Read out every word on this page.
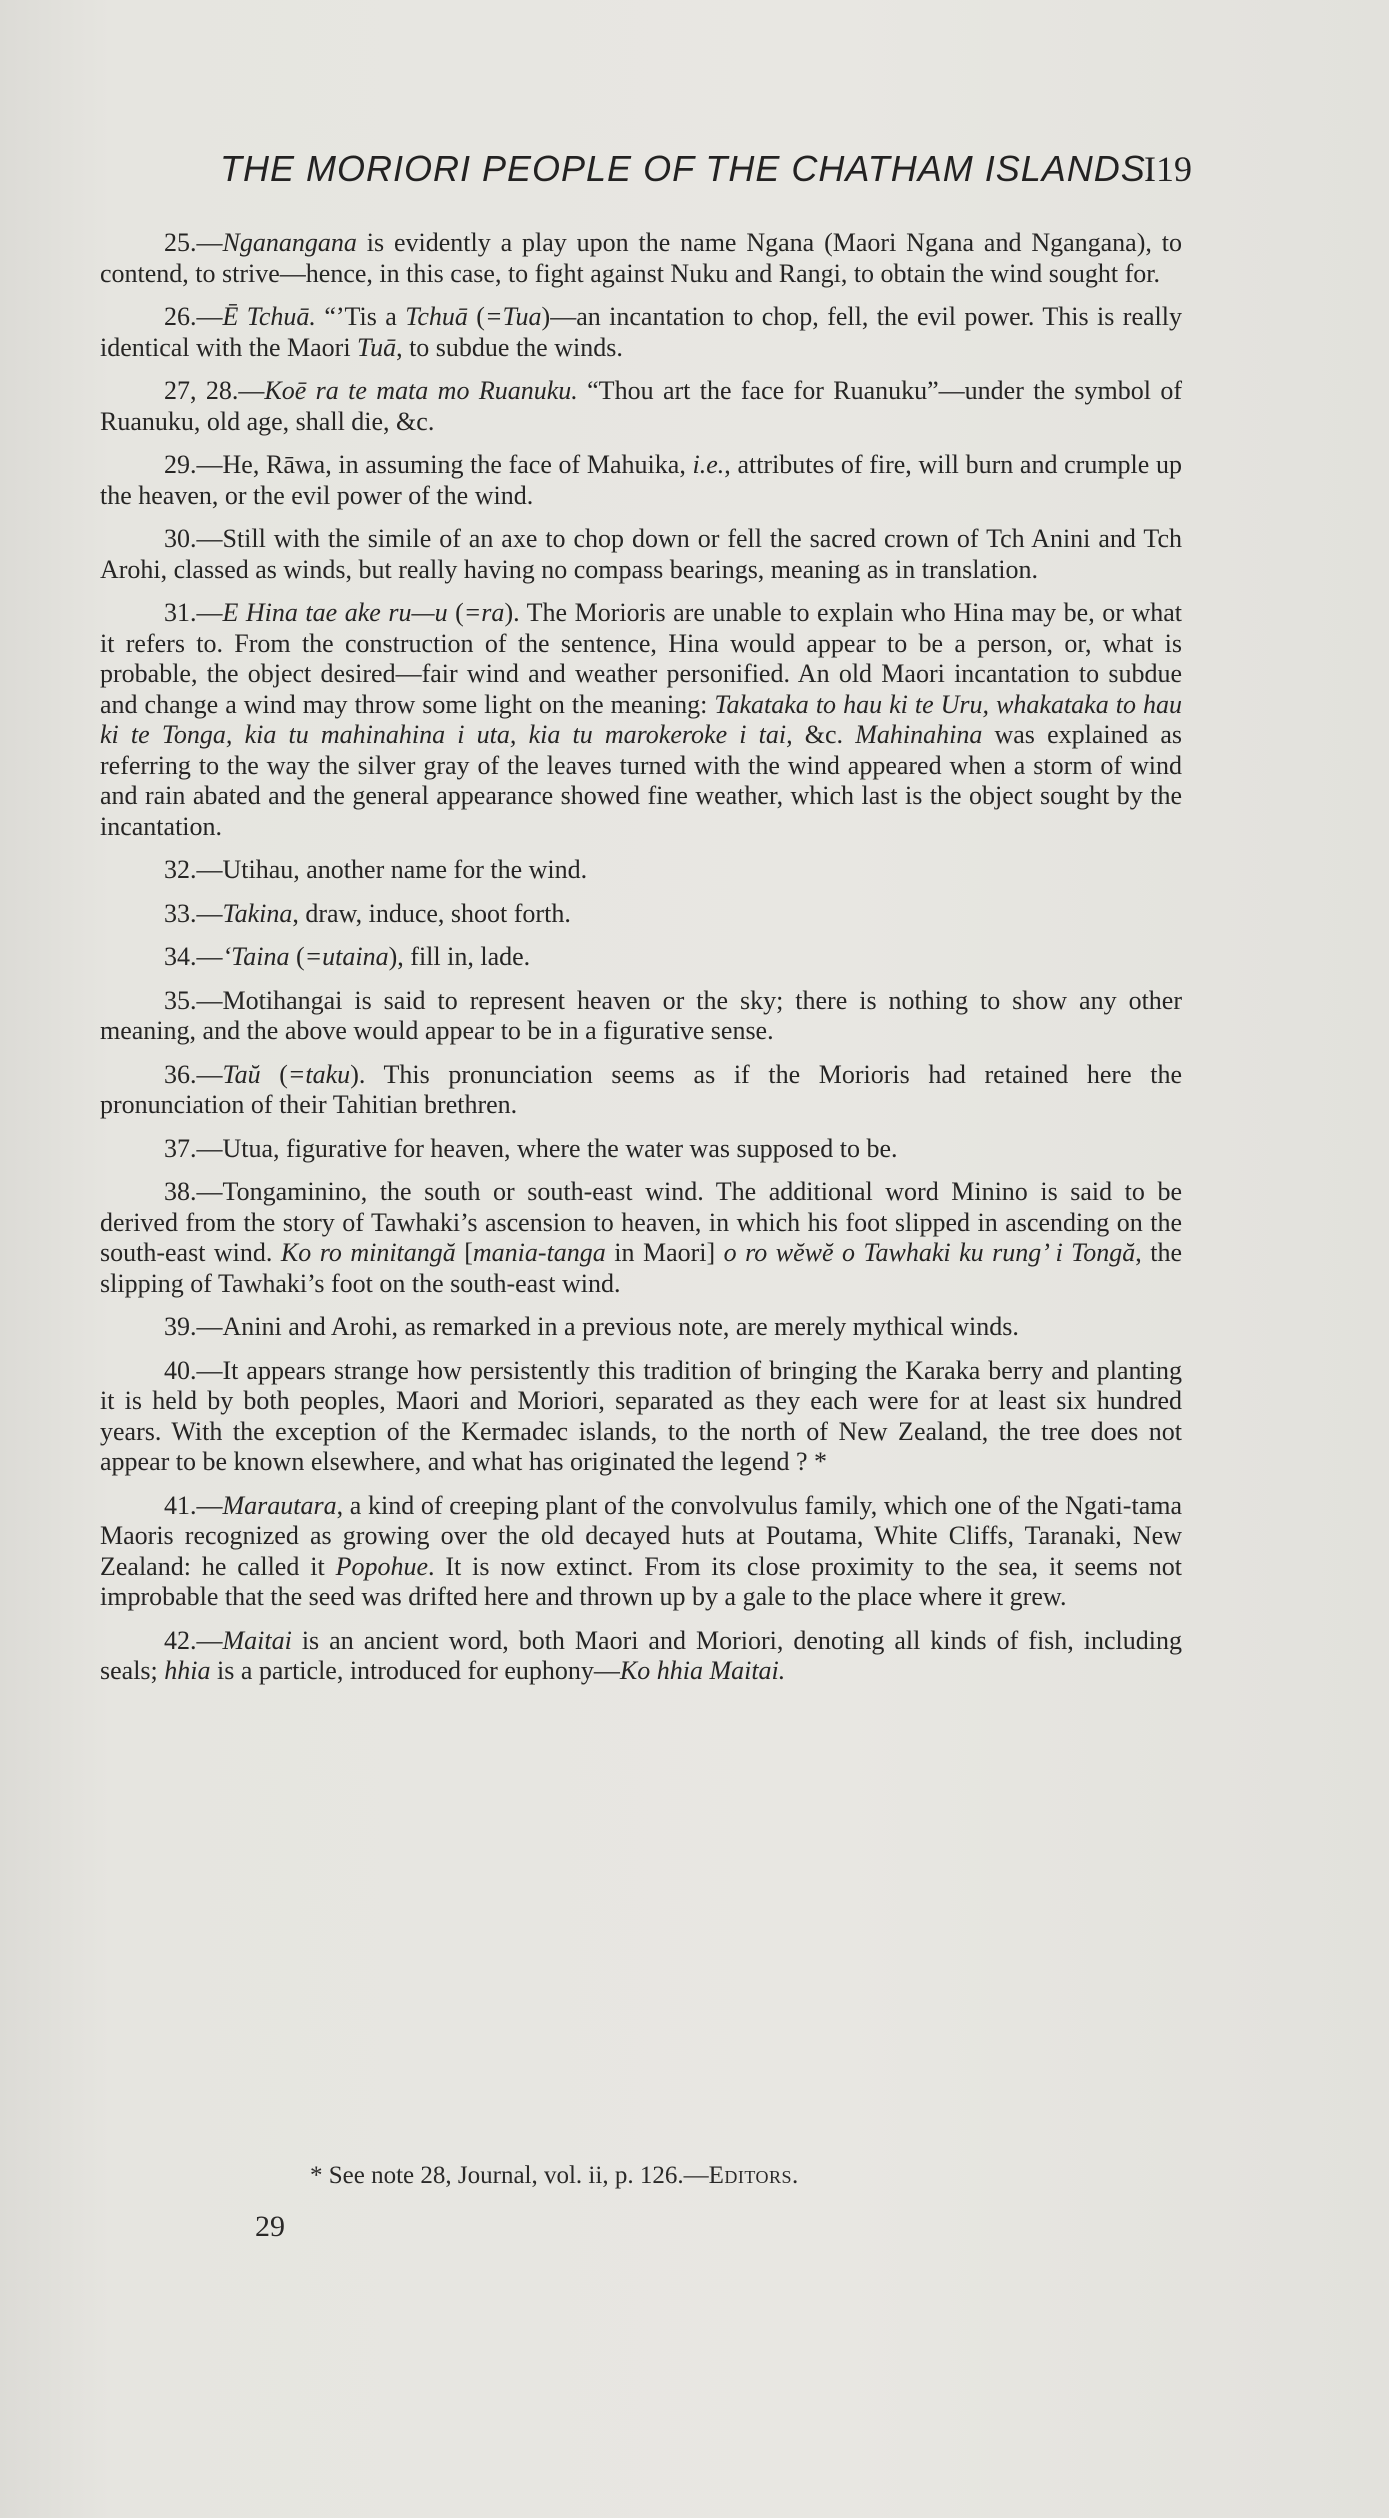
THE MORIORI PEOPLE OF THE CHATHAM ISLANDS.
I19

25.—Nganangana is evidently a play upon the name Ngana (Maori Ngana and Ngangana), to contend, to strive—hence, in this case, to fight against Nuku and Rangi, to obtain the wind sought for.

26.—Ē Tchuā. “’Tis a Tchuā (=Tua)—an incantation to chop, fell, the evil power. This is really identical with the Maori Tuā, to subdue the winds.

27, 28.—Koē ra te mata mo Ruanuku. “Thou art the face for Ruanuku”—under the symbol of Ruanuku, old age, shall die, &c.

29.—He, Rāwa, in assuming the face of Mahuika, i.e., attributes of fire, will burn and crumple up the heaven, or the evil power of the wind.

30.—Still with the simile of an axe to chop down or fell the sacred crown of Tch Anini and Tch Arohi, classed as winds, but really having no compass bearings, meaning as in translation.

31.—E Hina tae ake ru—u (=ra). The Morioris are unable to explain who Hina may be, or what it refers to. From the construction of the sentence, Hina would appear to be a person, or, what is probable, the object desired—fair wind and weather personified. An old Maori incantation to subdue and change a wind may throw some light on the meaning: Takataka to hau ki te Uru, whakataka to hau ki te Tonga, kia tu mahinahina i uta, kia tu marokeroke i tai, &c. Mahinahina was explained as referring to the way the silver gray of the leaves turned with the wind appeared when a storm of wind and rain abated and the general appearance showed fine weather, which last is the object sought by the incantation.

32.—Utihau, another name for the wind.

33.—Takina, draw, induce, shoot forth.

34.—‘Taina (=utaina), fill in, lade.

35.—Motihangai is said to represent heaven or the sky; there is nothing to show any other meaning, and the above would appear to be in a figurative sense.

36.—Taŭ (=taku). This pronunciation seems as if the Morioris had retained here the pronunciation of their Tahitian brethren.

37.—Utua, figurative for heaven, where the water was supposed to be.

38.—Tongaminino, the south or south-east wind. The additional word Minino is said to be derived from the story of Tawhaki’s ascension to heaven, in which his foot slipped in ascending on the south-east wind. Ko ro minitangă [mania-tanga in Maori] o ro wĕwĕ o Tawhaki ku rung’ i Tongă, the slipping of Tawhaki’s foot on the south-east wind.

39.—Anini and Arohi, as remarked in a previous note, are merely mythical winds.

40.—It appears strange how persistently this tradition of bringing the Karaka berry and planting it is held by both peoples, Maori and Moriori, separated as they each were for at least six hundred years. With the exception of the Kermadec islands, to the north of New Zealand, the tree does not appear to be known elsewhere, and what has originated the legend ? *

41.—Marautara, a kind of creeping plant of the convolvulus family, which one of the Ngati-tama Maoris recognized as growing over the old decayed huts at Poutama, White Cliffs, Taranaki, New Zealand: he called it Popohue. It is now extinct. From its close proximity to the sea, it seems not improbable that the seed was drifted here and thrown up by a gale to the place where it grew.

42.—Maitai is an ancient word, both Maori and Moriori, denoting all kinds of fish, including seals; hhia is a particle, introduced for euphony—Ko hhia Maitai.

* See note 28, Journal, vol. ii, p. 126.—Editors.
29
